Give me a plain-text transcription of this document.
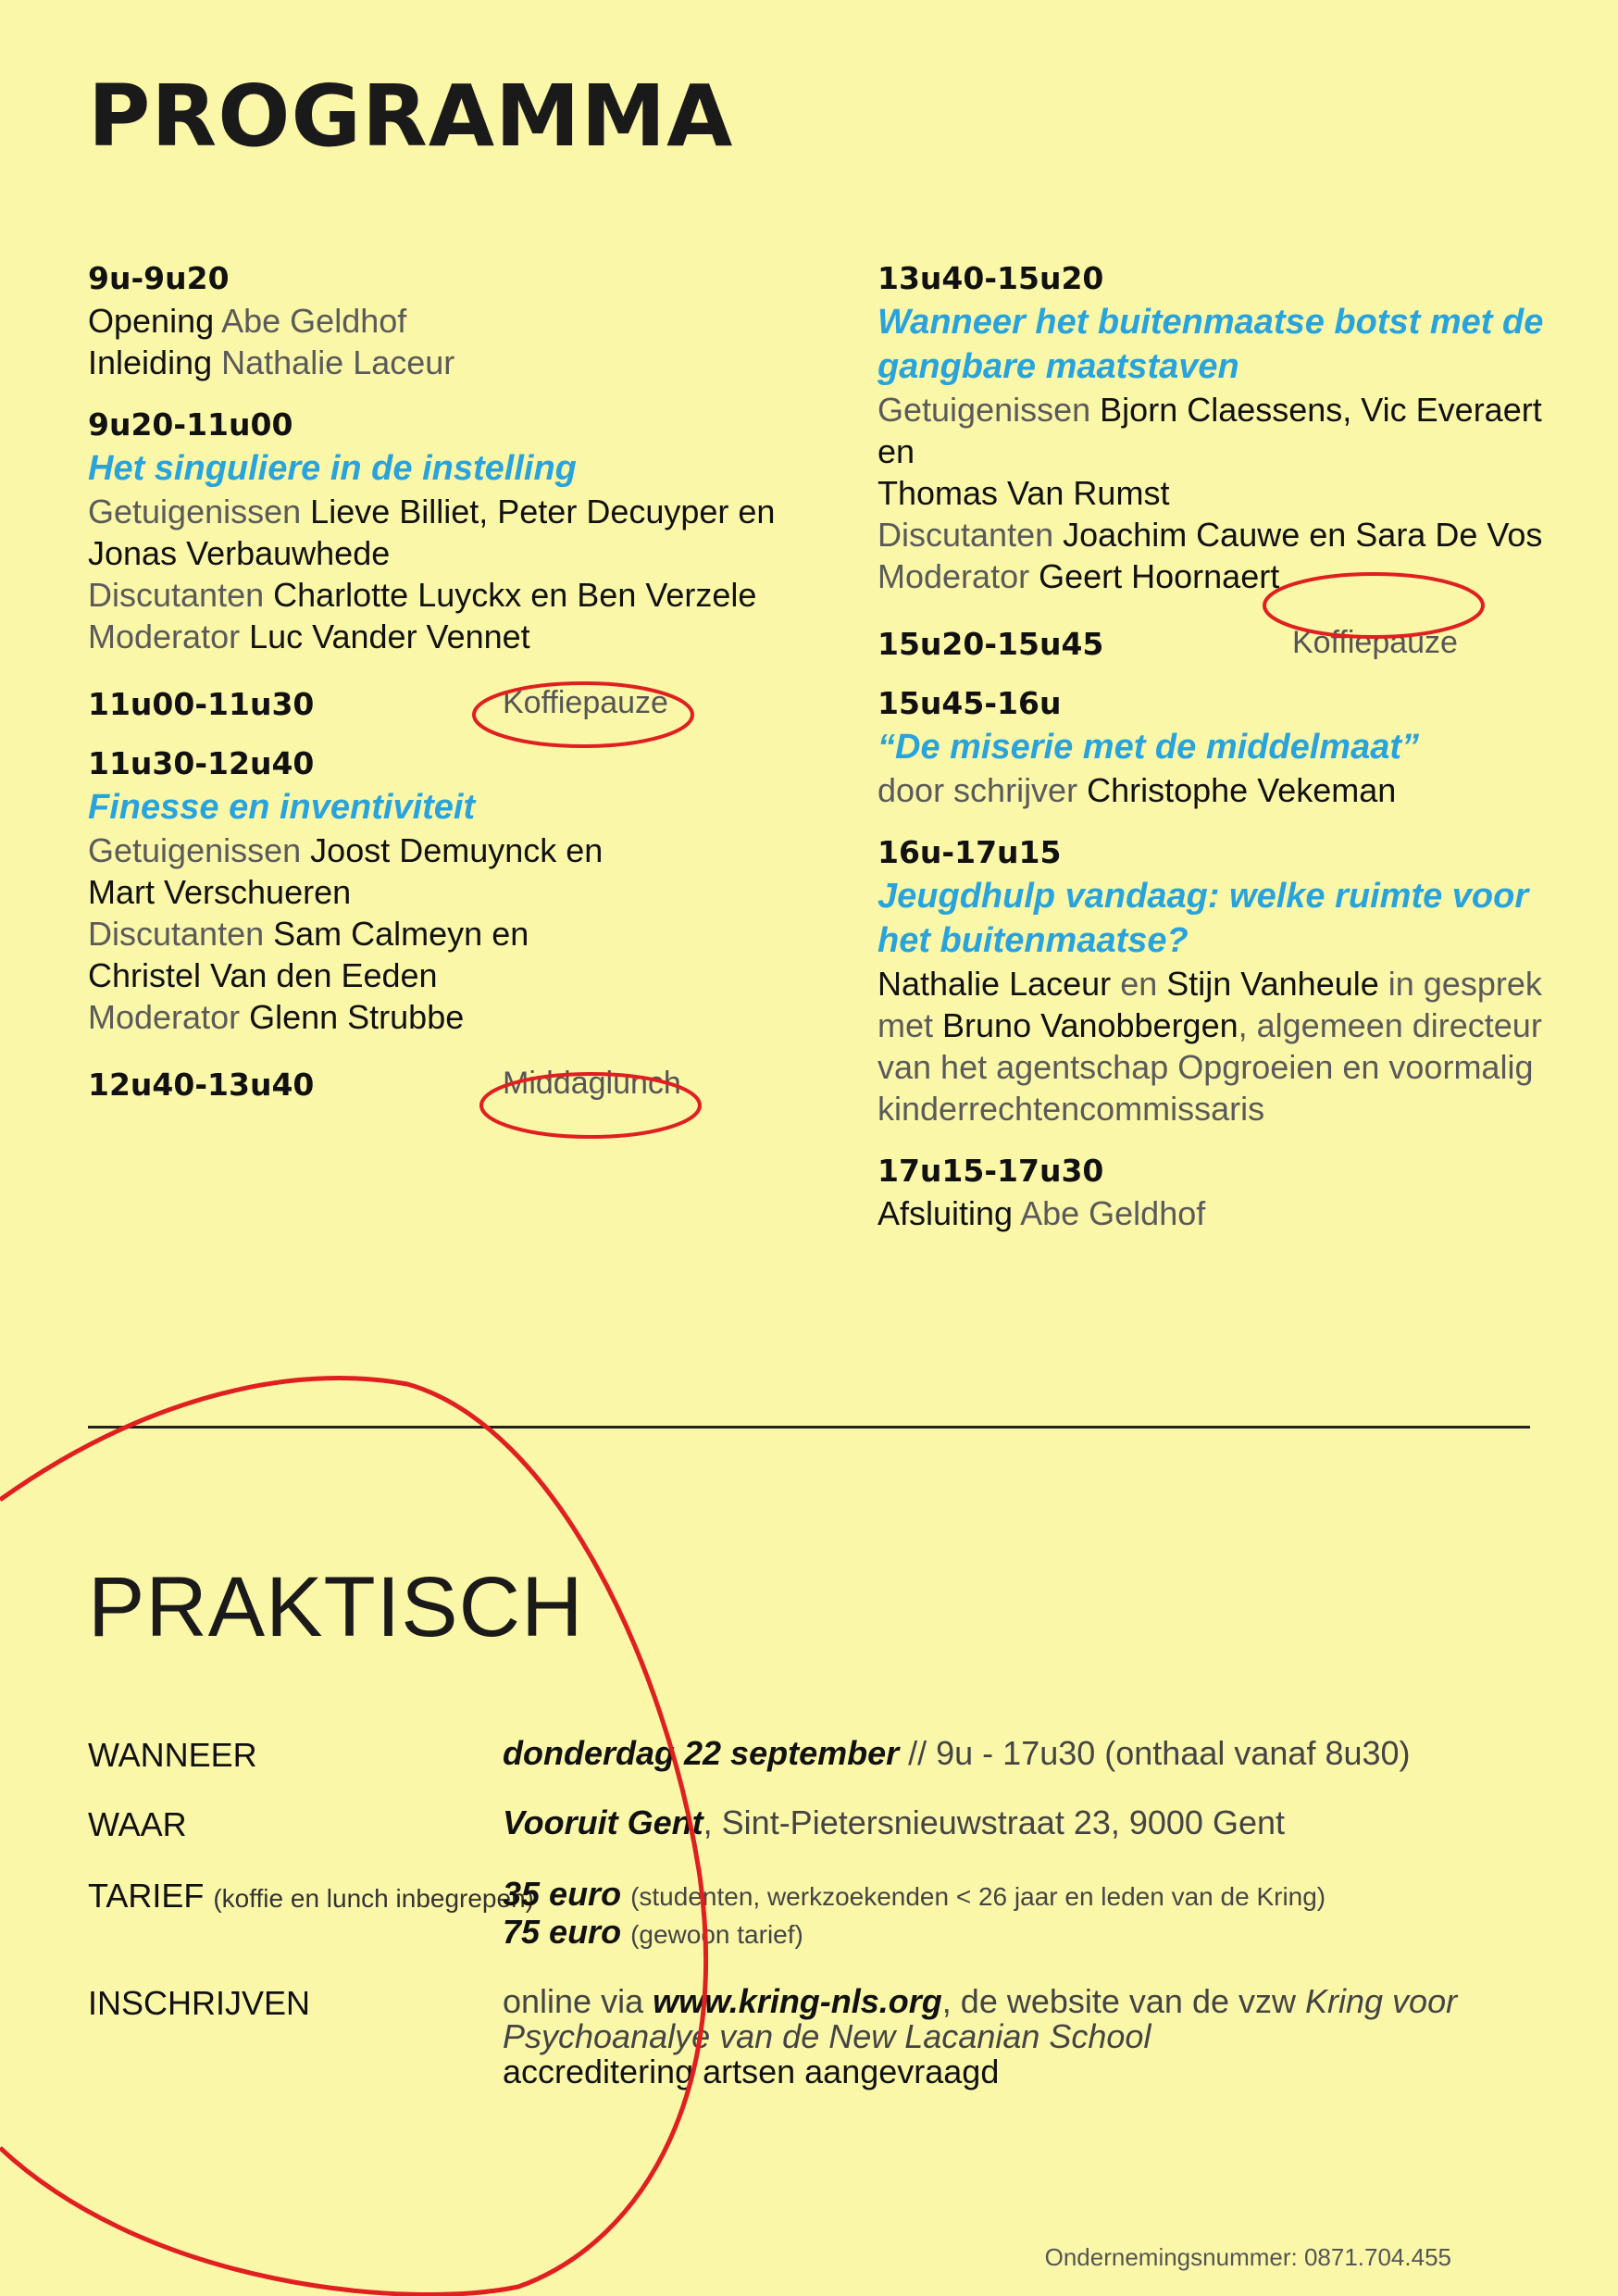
PROGRAMMA
9u-9u20
Opening Abe Geldhof
Inleiding Nathalie Laceur
9u20-11u00
Het singuliere in de instelling
Getuigenissen Lieve Billiet, Peter Decuyper en
Jonas Verbauwhede
Discutanten Charlotte Luyckx en Ben Verzele
Moderator Luc Vander Vennet
11u00-11u30	Koffiepauze
11u30-12u40
Finesse en inventiviteit
Getuigenissen Joost Demuynck en
Mart Verschueren
Discutanten Sam Calmeyn en
Christel Van den Eeden
Moderator Glenn Strubbe
12u40-13u40	Middaglunch
13u40-15u20
Wanneer het buitenmaatse botst met de
gangbare maatstaven
Getuigenissen Bjorn Claessens, Vic Everaert en
Thomas Van Rumst
Discutanten Joachim Cauwe en Sara De Vos
Moderator Geert Hoornaert
15u20-15u45	Koffiepauze
15u45-16u
“De miserie met de middelmaat”
door schrijver Christophe Vekeman
16u-17u15
Jeugdhulp vandaag: welke ruimte voor
het buitenmaatse?
Nathalie Laceur en Stijn Vanheule in gesprek
met Bruno Vanobbergen, algemeen directeur
van het agentschap Opgroeien en voormalig
kinderrechtencommissaris
17u15-17u30
Afsluiting Abe Geldhof
PRAKTISCH
WANNEER	donderdag 22 september // 9u - 17u30 (onthaal vanaf 8u30)
WAAR	Vooruit Gent, Sint-Pietersnieuwstraat 23, 9000 Gent
TARIEF (koffie en lunch inbegrepen)
35 euro (studenten, werkzoekenden < 26 jaar en leden van de Kring)
75 euro (gewoon tarief)
INSCHRIJVEN	online via www.kring-nls.org, de website van de vzw Kring voor
Psychoanalye van de New Lacanian School
accreditering artsen aangevraagd
Ondernemingsnummer: 0871.704.455
